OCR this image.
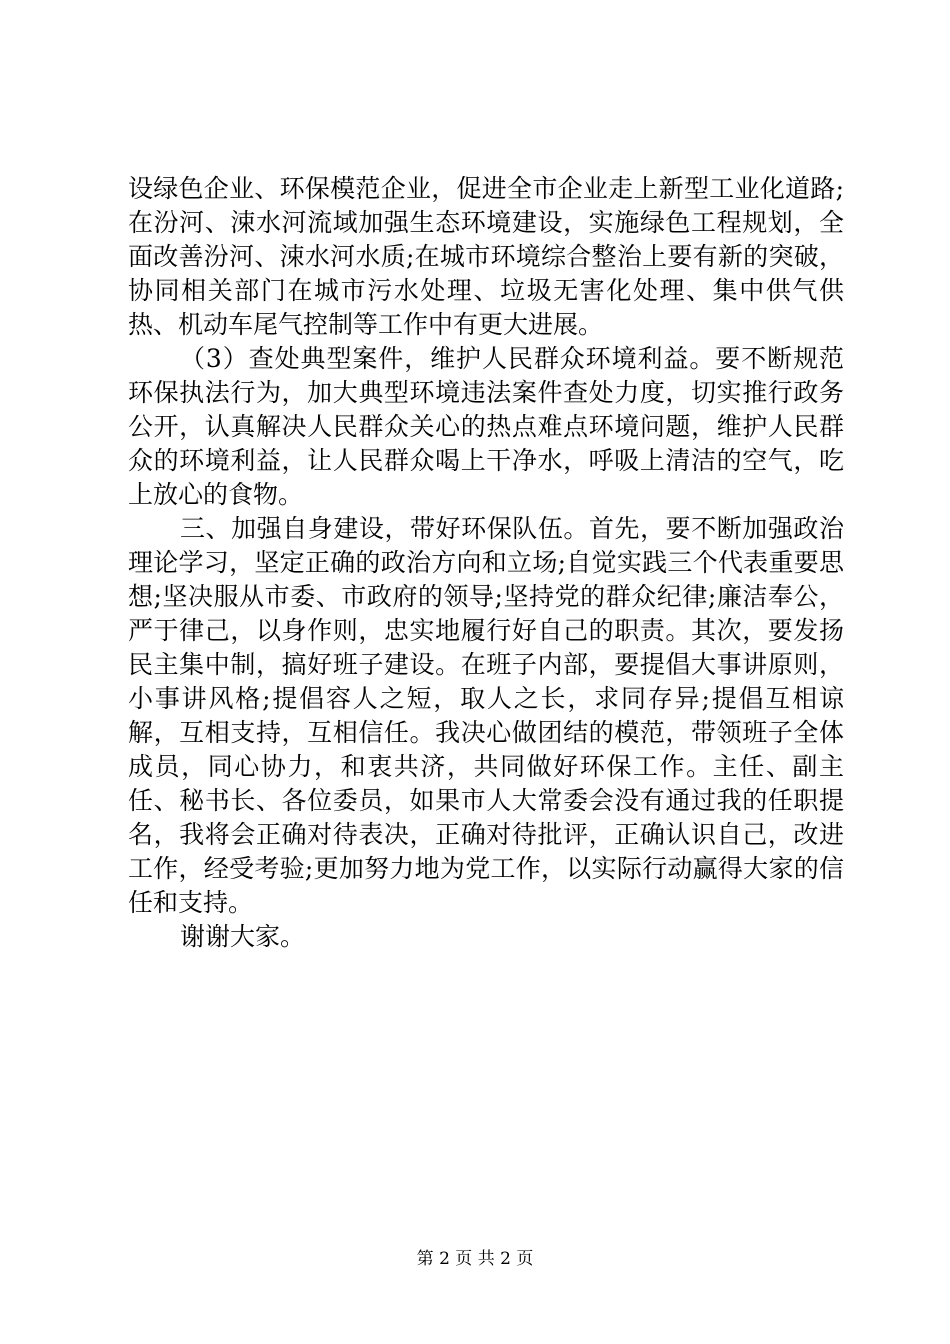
设绿色企业、环保模范企业，促进全市企业走上新型工业化道路;在汾河、涑水河流域加强生态环境建设，实施绿色工程规划，全面改善汾河、涑水河水质;在城市环境综合整治上要有新的突破，协同相关部门在城市污水处理、垃圾无害化处理、集中供气供热、机动车尾气控制等工作中有更大进展。

（3）查处典型案件，维护人民群众环境利益。要不断规范环保执法行为，加大典型环境违法案件查处力度，切实推行政务公开，认真解决人民群众关心的热点难点环境问题，维护人民群众的环境利益，让人民群众喝上干净水，呼吸上清洁的空气，吃上放心的食物。

三、加强自身建设，带好环保队伍。首先，要不断加强政治理论学习，坚定正确的政治方向和立场;自觉实践三个代表重要思想;坚决服从市委、市政府的领导;坚持党的群众纪律;廉洁奉公，严于律己，以身作则，忠实地履行好自己的职责。其次，要发扬民主集中制，搞好班子建设。在班子内部，要提倡大事讲原则，小事讲风格;提倡容人之短，取人之长，求同存异;提倡互相谅解，互相支持，互相信任。我决心做团结的模范，带领班子全体成员，同心协力，和衷共济，共同做好环保工作。主任、副主任、秘书长、各位委员，如果市人大常委会没有通过我的任职提名，我将会正确对待表决，正确对待批评，正确认识自己，改进工作，经受考验;更加努力地为党工作，以实际行动赢得大家的信任和支持。

谢谢大家。

第 2 页 共 2 页
